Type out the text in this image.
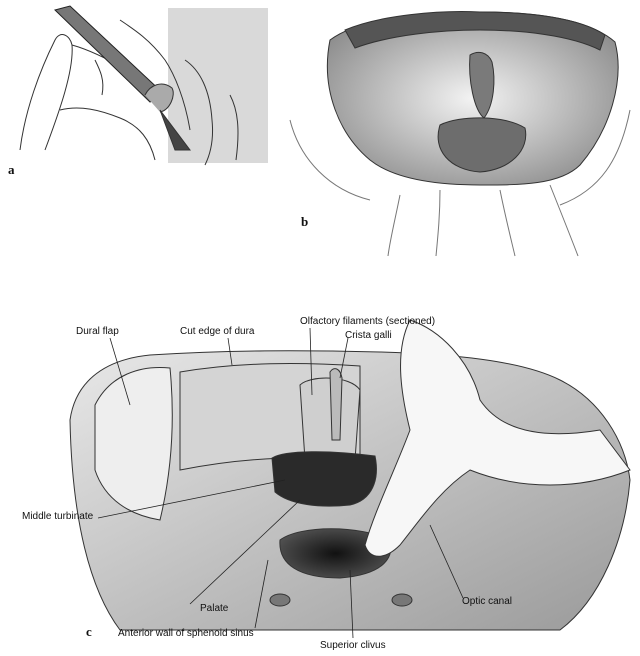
a
b
c
Dural flap	Cut edge of dura
Olfactory filaments (sectioned)
Crista galli
Middle turbinate
Palate
Anterior wall of sphenoid sinus
Superior clivus
Optic canal
